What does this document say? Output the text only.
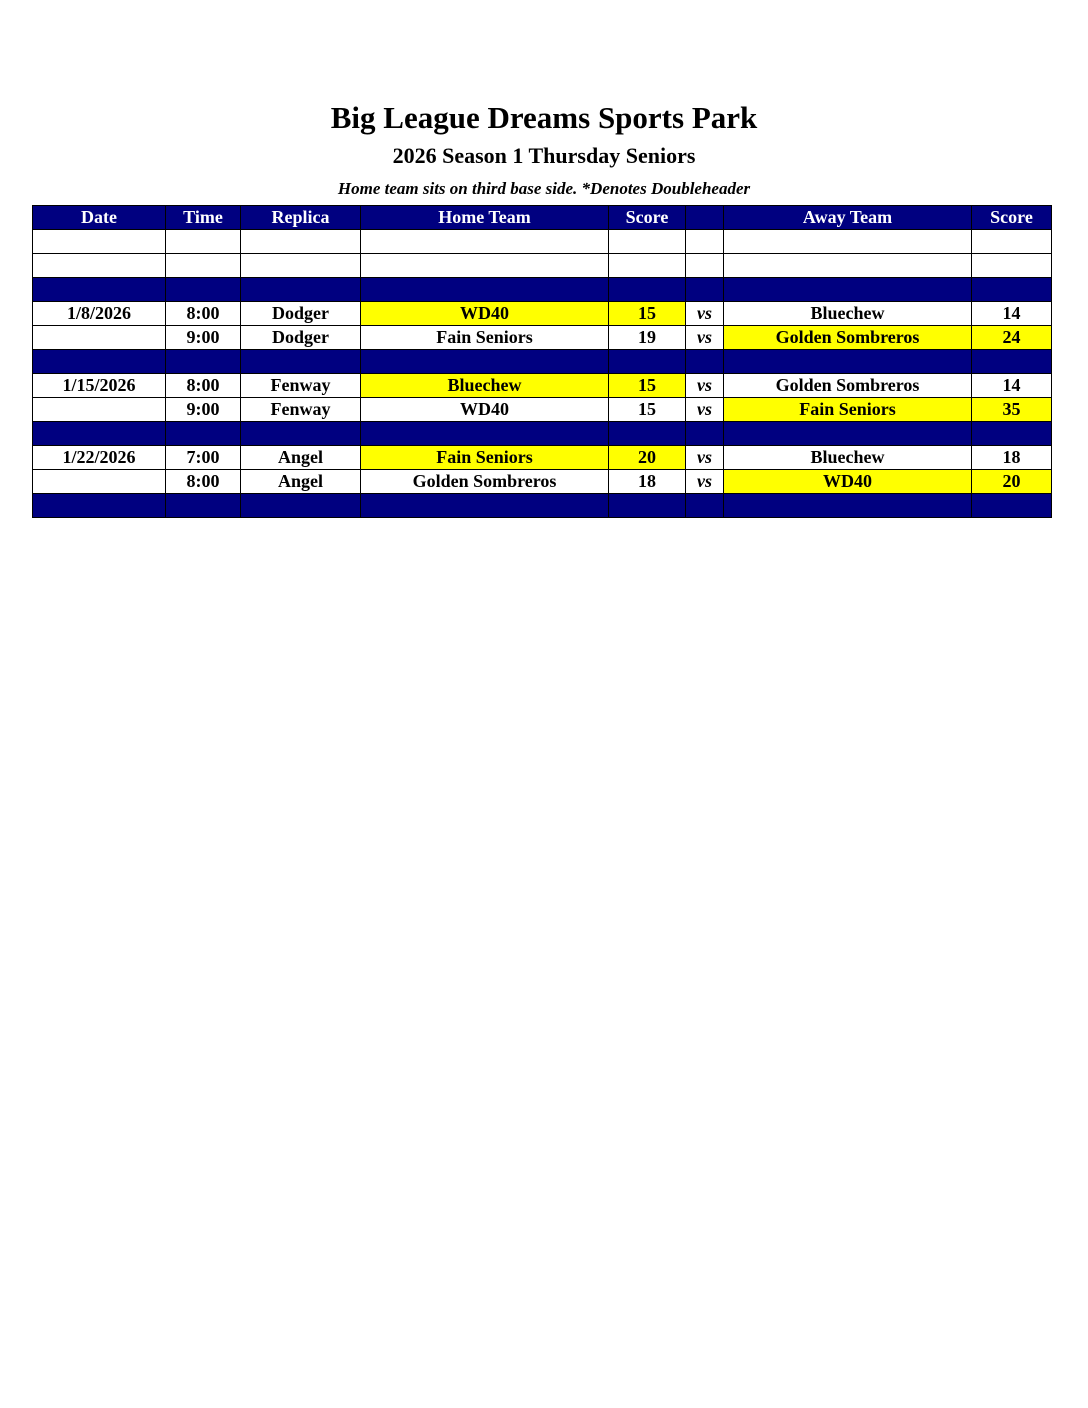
Big League Dreams Sports Park
2026 Season 1 Thursday Seniors
Home team sits on third base side. *Denotes Doubleheader
Date	Time	Replica	Home Team	Score		Away Team	Score

1/8/2026	8:00	Dodger	WD40	15	vs	Bluechew	14
	9:00	Dodger	Fain Seniors	19	vs	Golden Sombreros	24

1/15/2026	8:00	Fenway	Bluechew	15	vs	Golden Sombreros	14
	9:00	Fenway	WD40	15	vs	Fain Seniors	35

1/22/2026	7:00	Angel	Fain Seniors	20	vs	Bluechew	18
	8:00	Angel	Golden Sombreros	18	vs	WD40	20
